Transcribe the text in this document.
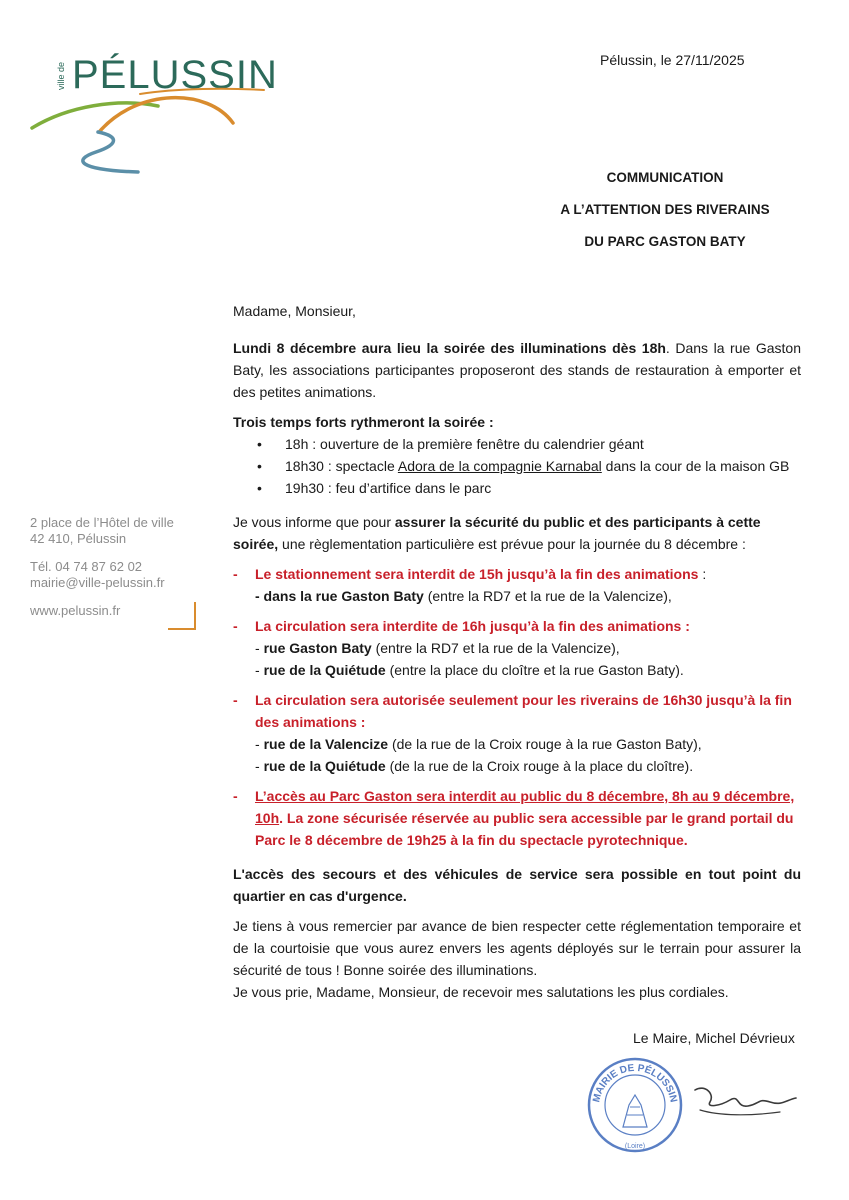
ville de PÉLUSSIN	Pélussin, le 27/11/2025
COMMUNICATION
A L’ATTENTION DES RIVERAINS
DU PARC GASTON BATY
2 place de l’Hôtel de ville
42 410, Pélussin
Tél. 04 74 87 62 02
mairie@ville-pelussin.fr
www.pelussin.fr

Madame, Monsieur,

Lundi 8 décembre aura lieu la soirée des illuminations dès 18h. Dans la rue Gaston Baty, les associations participantes proposeront des stands de restauration à emporter et des petites animations.

Trois temps forts rythmeront la soirée :

• 18h : ouverture de la première fenêtre du calendrier géant
• 18h30 : spectacle Adora de la compagnie Karnabal dans la cour de la maison GB
• 19h30 : feu d’artifice dans le parc

Je vous informe que pour assurer la sécurité du public et des participants à cette soirée, une règlementation particulière est prévue pour la journée du 8 décembre :

- Le stationnement sera interdit de 15h jusqu’à la fin des animations :
- dans la rue Gaston Baty (entre la RD7 et la rue de la Valencize),
- La circulation sera interdite de 16h jusqu’à la fin des animations :
- rue Gaston Baty (entre la RD7 et la rue de la Valencize),
- rue de la Quiétude (entre la place du cloître et la rue Gaston Baty).
- La circulation sera autorisée seulement pour les riverains de 16h30 jusqu’à la fin des animations :
- rue de la Valencize (de la rue de la Croix rouge à la rue Gaston Baty),
- rue de la Quiétude (de la rue de la Croix rouge à la place du cloître).
- L’accès au Parc Gaston sera interdit au public du 8 décembre, 8h au 9 décembre, 10h. La zone sécurisée réservée au public sera accessible par le grand portail du Parc le 8 décembre de 19h25 à la fin du spectacle pyrotechnique.

L'accès des secours et des véhicules de service sera possible en tout point du quartier en cas d'urgence.

Je tiens à vous remercier par avance de bien respecter cette réglementation temporaire et de la courtoisie que vous aurez envers les agents déployés sur le terrain pour assurer la sécurité de tous ! Bonne soirée des illuminations.

Je vous prie, Madame, Monsieur, de recevoir mes salutations les plus cordiales.

Le Maire, Michel Dévrieux
MAIRIE DE PÉLUSSIN
(Loire)
